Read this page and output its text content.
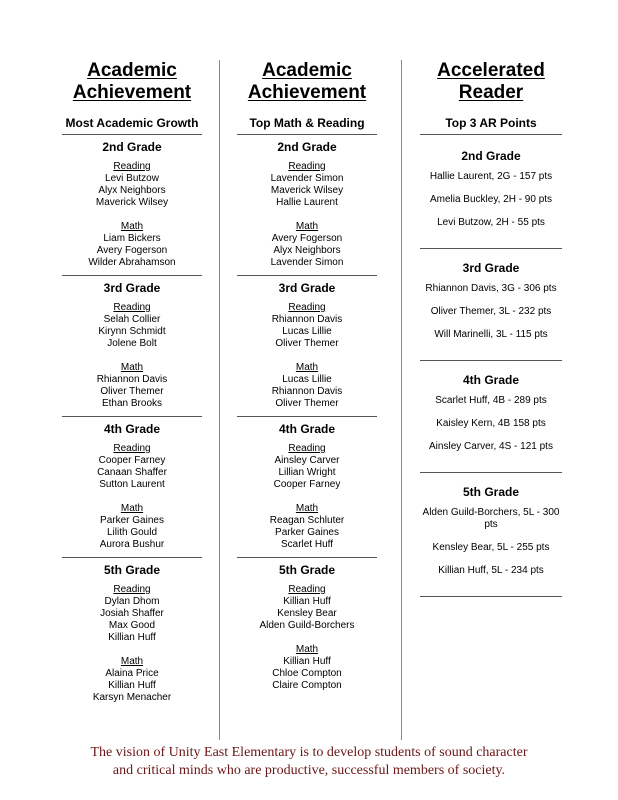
Academic
Achievement
Most Academic Growth
2nd Grade
Reading
Levi Butzow
Alyx Neighbors
Maverick Wilsey
Math
Liam Bickers
Avery Fogerson
Wilder Abrahamson
3rd Grade
Reading
Selah Collier
Kirynn Schmidt
Jolene Bolt
Math
Rhiannon Davis
Oliver Themer
Ethan Brooks
4th Grade
Reading
Cooper Farney
Canaan Shaffer
Sutton Laurent
Math
Parker Gaines
Lilith Gould
Aurora Bushur
5th Grade
Reading
Dylan Dhom
Josiah Shaffer
Max Good
Killian Huff
Math
Alaina Price
Killian Huff
Karsyn Menacher
Academic
Achievement
Top Math & Reading
2nd Grade
Reading
Lavender Simon
Maverick Wilsey
Hallie Laurent
Math
Avery Fogerson
Alyx Neighbors
Lavender Simon
3rd Grade
Reading
Rhiannon Davis
Lucas Lillie
Oliver Themer
Math
Lucas Lillie
Rhiannon Davis
Oliver Themer
4th Grade
Reading
Ainsley Carver
Lillian Wright
Cooper Farney
Math
Reagan Schluter
Parker Gaines
Scarlet Huff
5th Grade
Reading
Killian Huff
Kensley Bear
Alden Guild-Borchers
Math
Killian Huff
Chloe Compton
Claire Compton
Accelerated
Reader
Top 3 AR Points
2nd Grade
Hallie Laurent, 2G - 157 pts
Amelia Buckley, 2H - 90 pts
Levi Butzow, 2H - 55 pts
3rd Grade
Rhiannon Davis, 3G - 306 pts
Oliver Themer, 3L - 232 pts
Will Marinelli, 3L - 115 pts
4th Grade
Scarlet Huff, 4B - 289 pts
Kaisley Kern, 4B 158 pts
Ainsley Carver, 4S - 121 pts
5th Grade
Alden Guild-Borchers, 5L - 300 pts
Kensley Bear, 5L - 255 pts
Killian Huff, 5L - 234 pts
The vision of Unity East Elementary is to develop students of sound character
and critical minds who are productive, successful members of society.
